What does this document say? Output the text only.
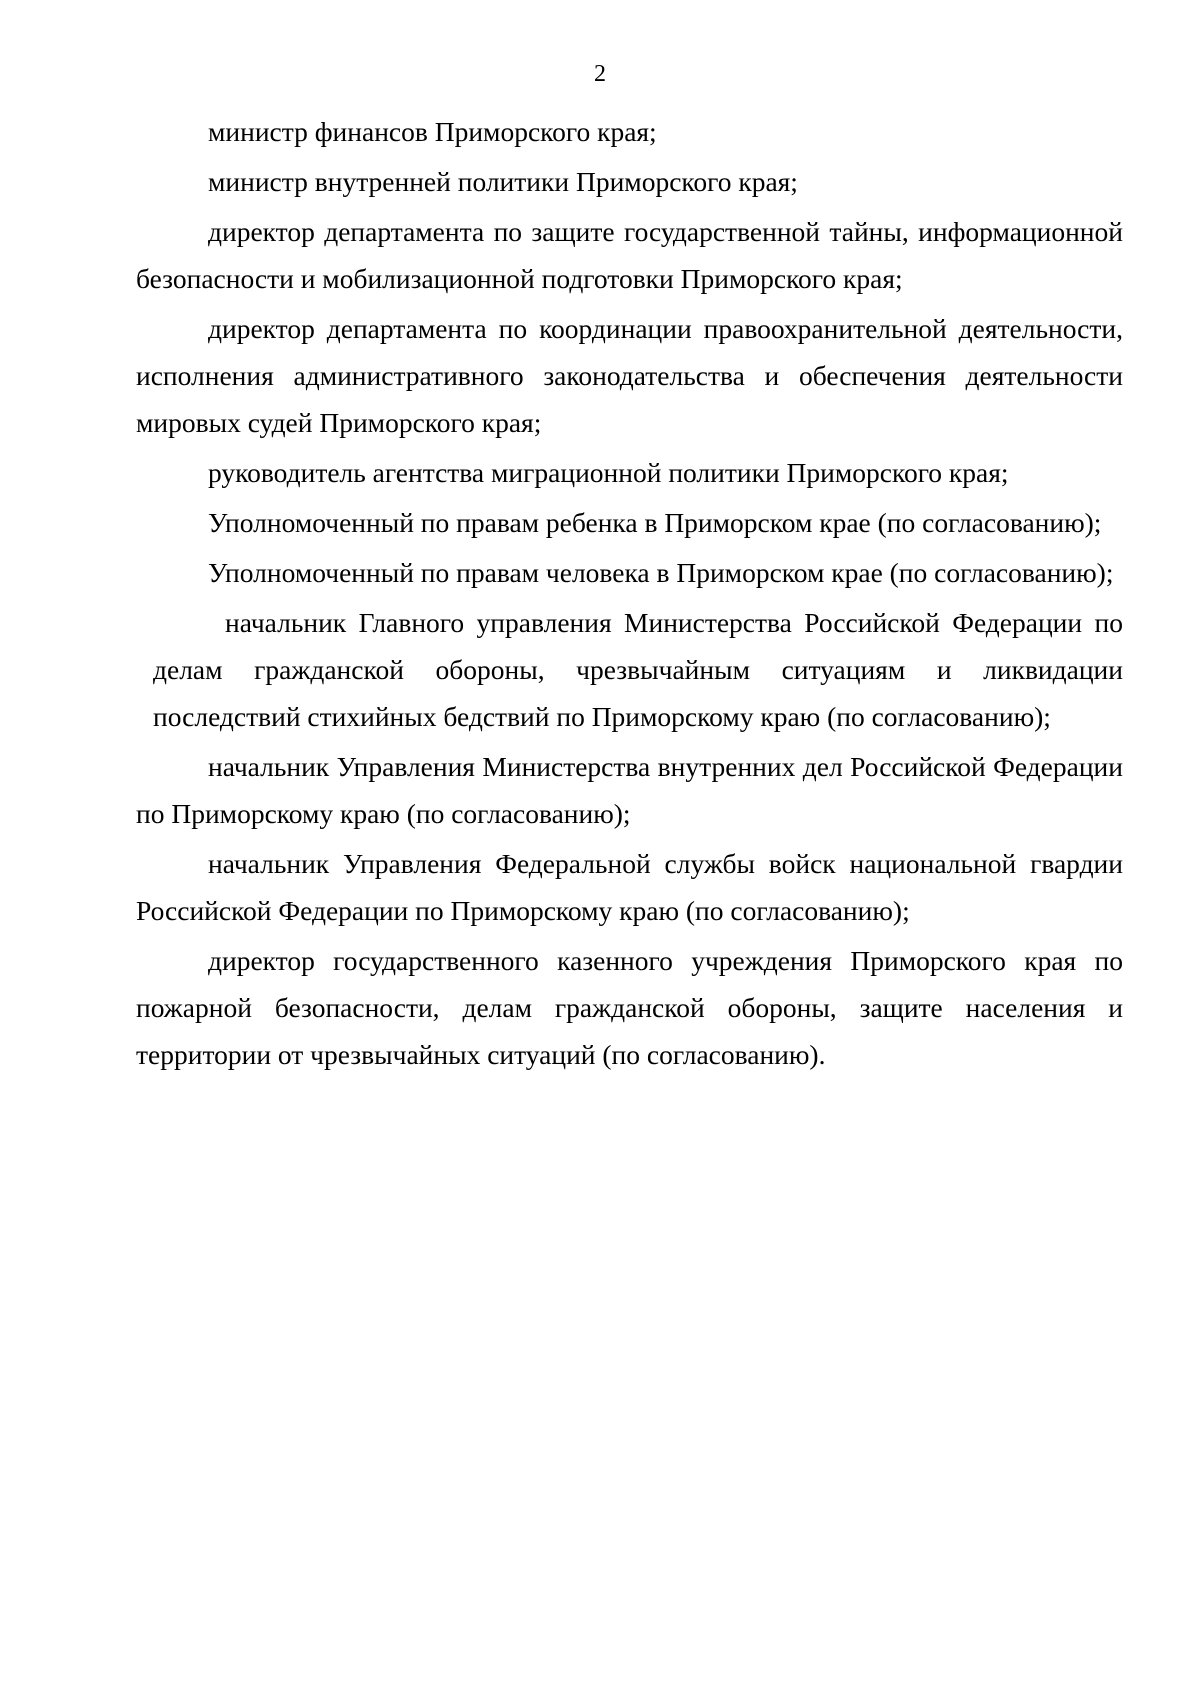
2

министр финансов Приморского края;

министр внутренней политики Приморского края;

директор департамента по защите государственной тайны, информационной безопасности и мобилизационной подготовки Приморского края;

директор департамента по координации правоохранительной деятельности, исполнения административного законодательства и обеспечения деятельности мировых судей Приморского края;

руководитель агентства миграционной политики Приморского края;

Уполномоченный по правам ребенка в Приморском крае (по согласованию);

Уполномоченный по правам человека в Приморском крае (по согласованию);

начальник Главного управления Министерства Российской Федерации по делам гражданской обороны, чрезвычайным ситуациям и ликвидации последствий стихийных бедствий по Приморскому краю (по согласованию);

начальник Управления Министерства внутренних дел Российской Федерации по Приморскому краю (по согласованию);

начальник Управления Федеральной службы войск национальной гвардии Российской Федерации по Приморскому краю (по согласованию);

директор государственного казенного учреждения Приморского края по пожарной безопасности, делам гражданской обороны, защите населения и территории от чрезвычайных ситуаций (по согласованию).
